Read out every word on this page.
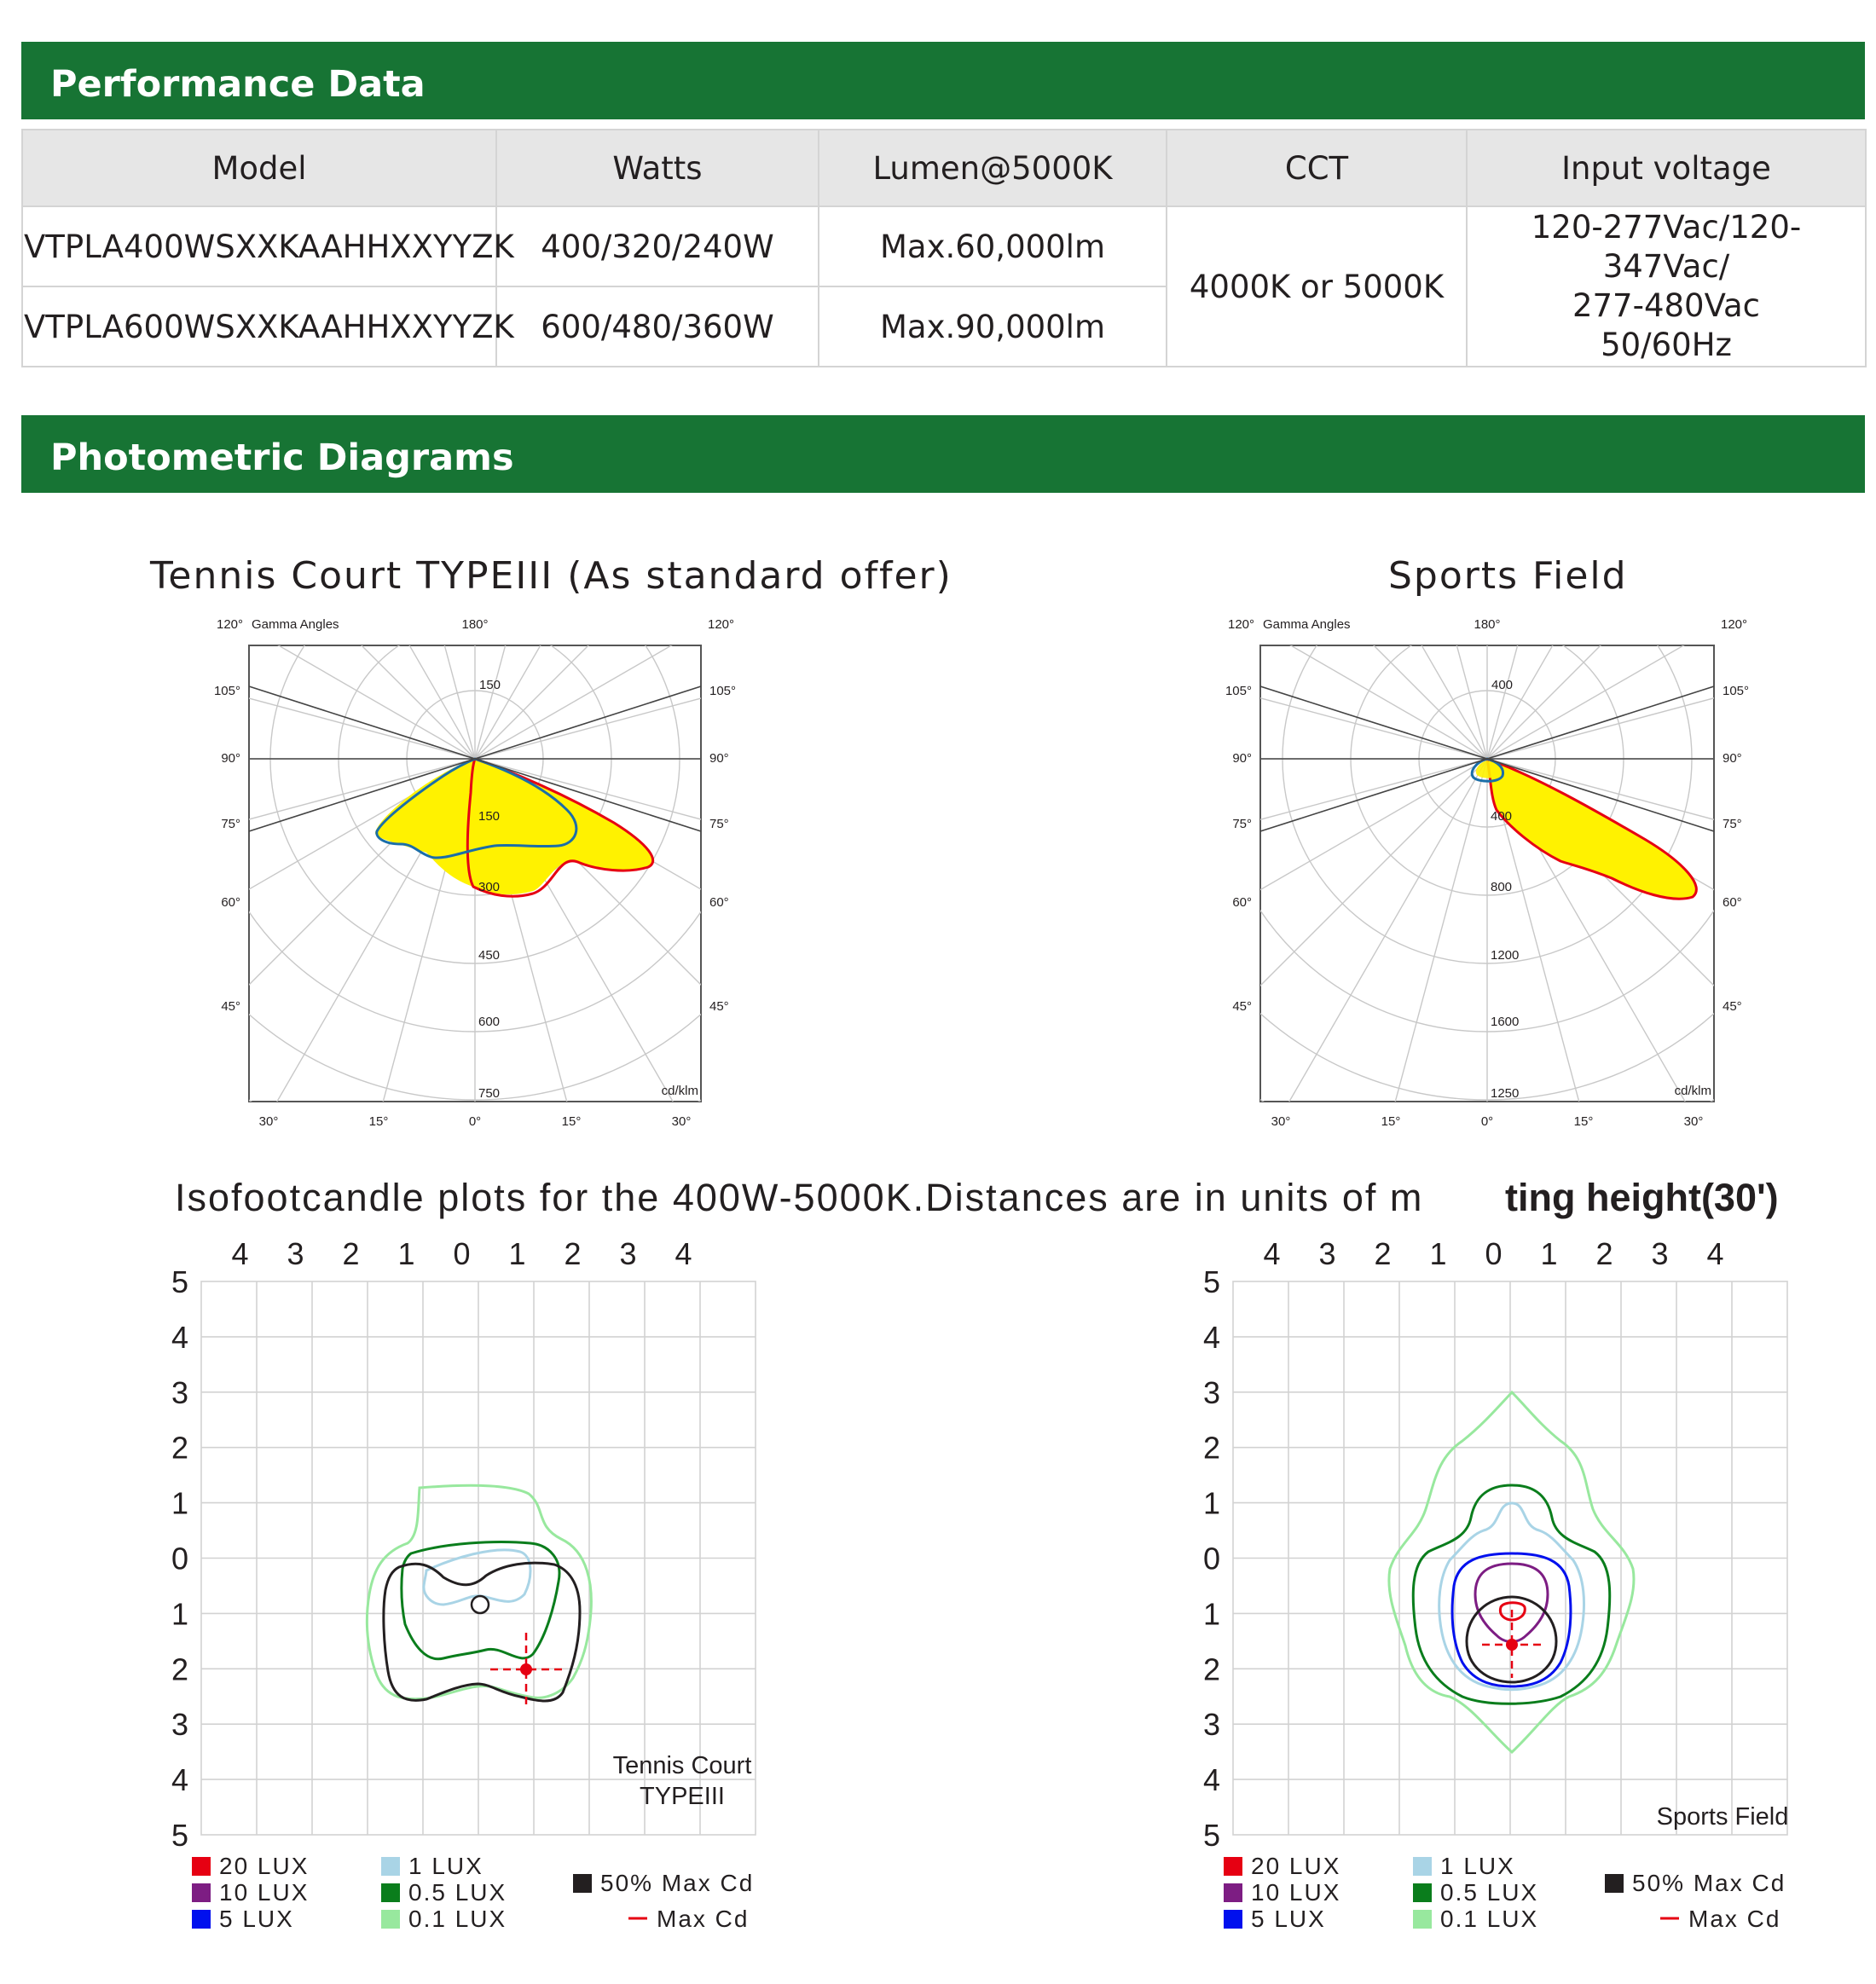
Performance Data
Model	Watts	Lumen@5000K	CCT	Input voltage
VTPLA400WSXXKAAHHXXYYZK	400/320/240W	Max.60,000lm	4000K or 5000K	120-277Vac/120-347Vac/
277-480Vac
50/60Hz

VTPLA600WSXXKAAHHXXYYZK	600/480/360W	Max.90,000lm		
Photometric Diagrams
Tennis Court TYPEIII (As standard offer)	Sports Field
120° Gamma Angles	180°	120°
105°	105°
90°	90°
75°	75°
60°	60°
45°	45°
30°	15°	0°	15°	30°
cd/klm
150
150
300
450
600
750
120° Gamma Angles	180°	120°
105°	105°
90°	90°
75°	75°
60°	60°
45°	45°
30°	15°	0°	15°	30°
cd/klm
400
400
800
1200
1600
1250
Isofootcandle plots for the 400W-5000K.Distances are in units of m ting height(30')
4 3 2 1 0 1 2 3 4
5
4
3
2
1
0
1
2
3
4
5
Tennis Court
TYPEIII
4 3 2 1 0 1 2 3 4
5
4
3
2
1
0
1
2
3
4
5
Sports Field
20 LUX
10 LUX
5 LUX
1 LUX
0.5 LUX
0.1 LUX
50% Max Cd
Max Cd
20 LUX
10 LUX
5 LUX
1 LUX
0.5 LUX
0.1 LUX
50% Max Cd
Max Cd
